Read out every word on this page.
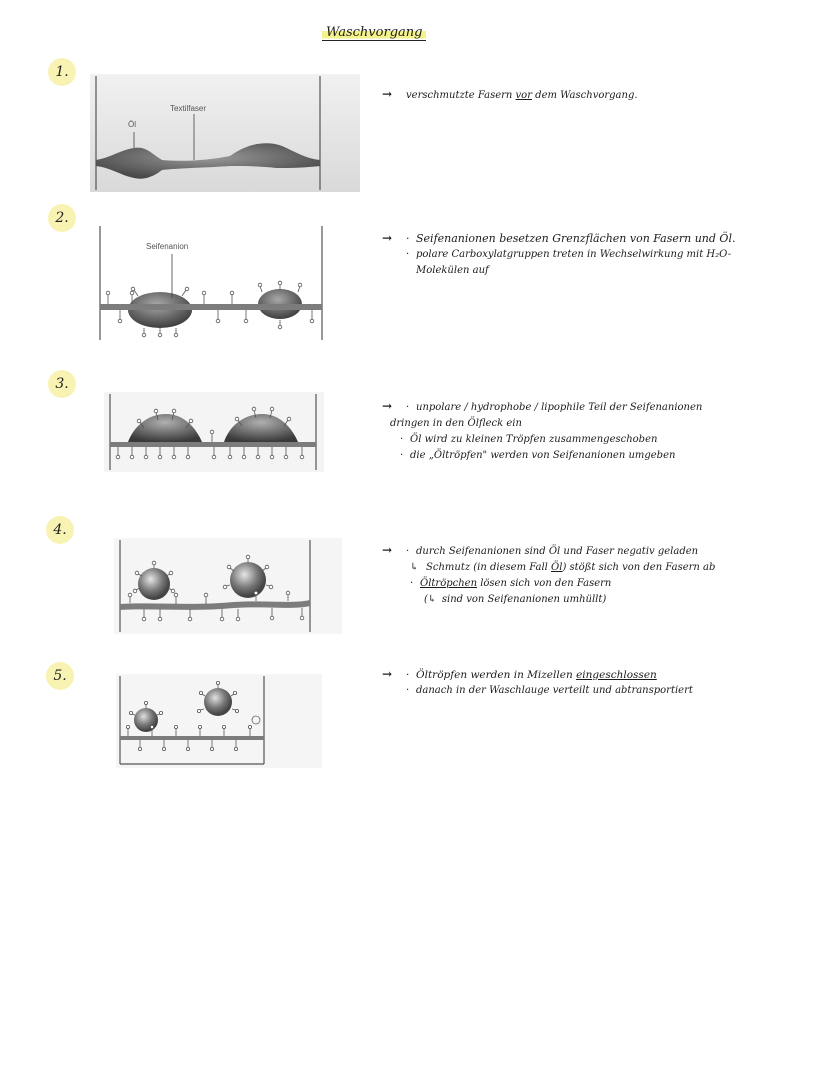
Waschvorgang
1.
Öl
Textilfaser
→ verschmutzte Fasern vor dem Waschvorgang.
2.
Seifenanion
→ · Seifenanionen besetzen Grenzflächen von Fasern und Öl.
· polare Carboxylatgruppen treten in Wechselwirkung mit H₂O-
Molekülen auf
3.
→ · unpolare / hydrophobe / lipophile Teil der Seifenanionen
dringen in den Ölfleck ein
· Öl wird zu kleinen Tröpfen zusammengeschoben
· die „Öltröpfen" werden von Seifenanionen umgeben
4.
→ · durch Seifenanionen sind Öl und Faser negativ geladen
↳ Schmutz (in diesem Fall Öl) stößt sich von den Fasern ab
· Öltröpchen lösen sich von den Fasern
(↳ sind von Seifenanionen umhüllt)
5.	→ · Öltröpfen werden in Mizellen eingeschlossen
· danach in der Waschlauge verteilt und abtransportiert
